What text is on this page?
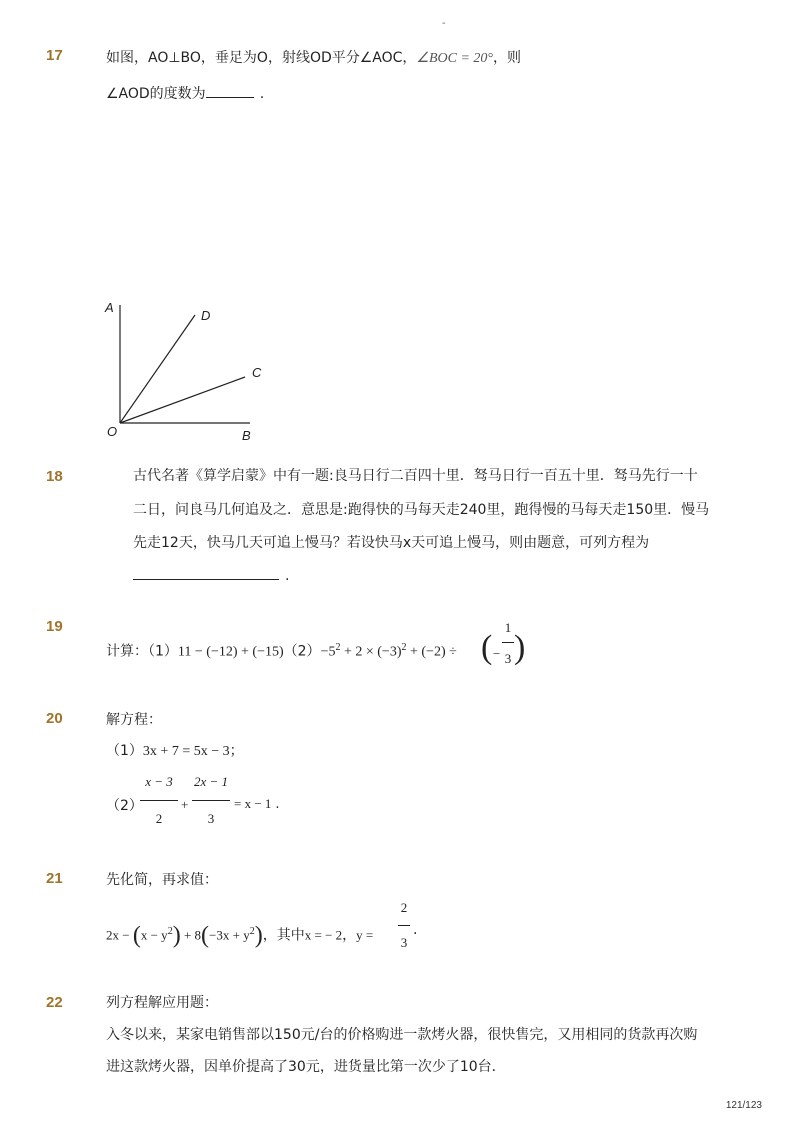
-
17	如图，AO⊥BO，垂足为O，射线OD平分∠AOC，∠BOC = 20°，则
∠AOD的度数为	.
A
D
C
O	B
18	古代名著《算学启蒙》中有一题:良马日行二百四十里．驽马日行一百五十里．驽马先行一十
二日，问良马几何追及之．意思是:跑得快的马每天走240里，跑得慢的马每天走150里．慢马
先走12天，快马几天可追上慢马？若设快马x天可追上慢马，则由题意，可列方程为
.
19
计算：$(1)11 - (-12) + (-15)(2)-5^2 + 2 \times (-3)^2 + (-2)$ ÷ ( −
1
3 )
20	解方程：
（1）3x + 7 = 5x − 3；
（2）
x − 3
2
+
2x − 1
3
= x − 1 .
21	先化简，再求值：
$2x - (x - y^2) + 8(-3x + y^2)$，其中x = − 2，y =
2
3
.
22	列方程解应用题：
入冬以来，某家电销售部以150元/台的价格购进一款烤火器，很快售完，又用相同的货款再次购
进这款烤火器，因单价提高了30元，进货量比第一次少了10台．
121/123
